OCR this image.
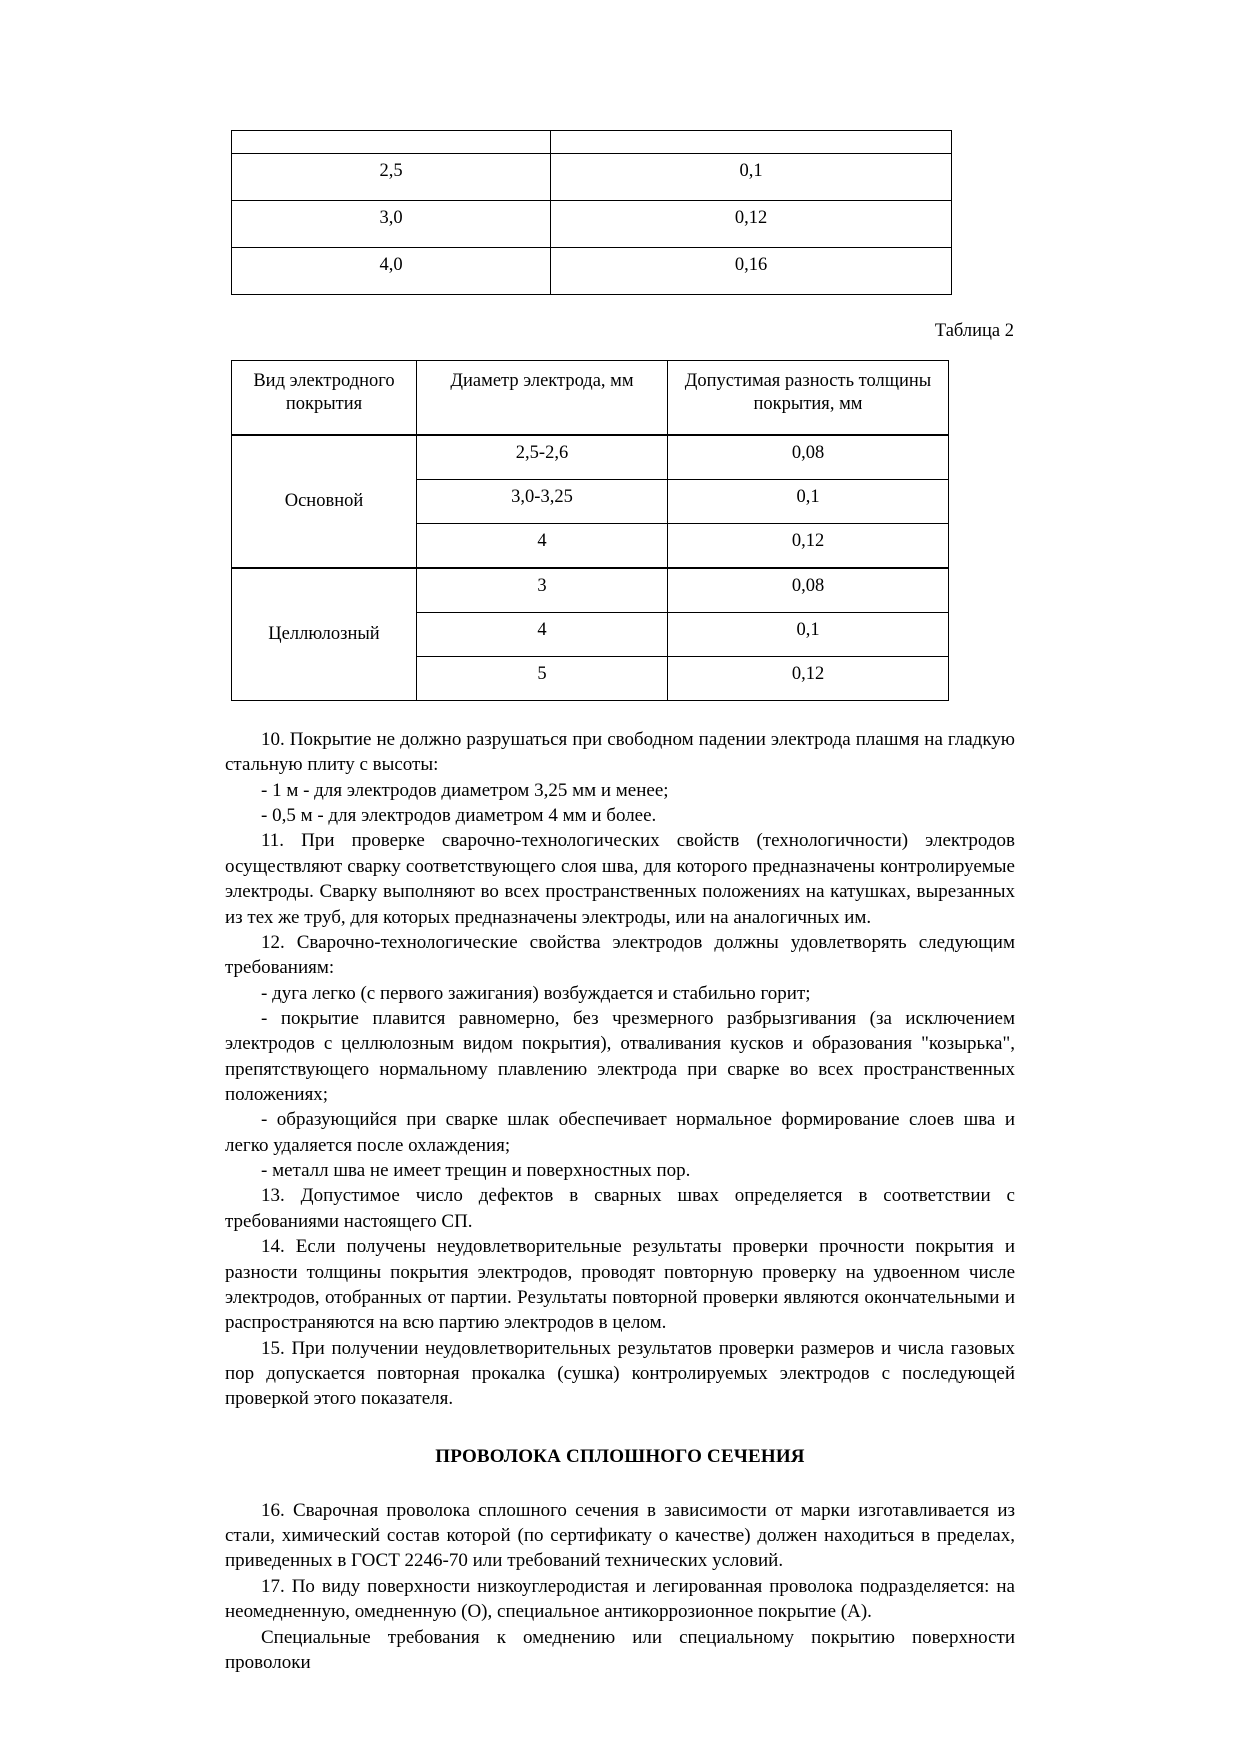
2,5	0,1
3,0	0,12
4,0	0,16
Таблица 2
Вид электродного покрытия	Диаметр электрода, мм	Допустимая разность толщины покрытия, мм
Основной	2,5-2,6	0,08
	3,0-3,25	0,1
	4	0,12
Целлюлозный	3	0,08
	4	0,1
	5	0,12

10. Покрытие не должно разрушаться при свободном падении электрода плашмя на гладкую стальную плиту с высоты:

- 1 м - для электродов диаметром 3,25 мм и менее;

- 0,5 м - для электродов диаметром 4 мм и более.

11. При проверке сварочно-технологических свойств (технологичности) электродов осуществляют сварку соответствующего слоя шва, для которого предназначены контролируемые электроды. Сварку выполняют во всех пространственных положениях на катушках, вырезанных из тех же труб, для которых предназначены электроды, или на аналогичных им.

12. Сварочно-технологические свойства электродов должны удовлетворять следующим требованиям:

- дуга легко (с первого зажигания) возбуждается и стабильно горит;

- покрытие плавится равномерно, без чрезмерного разбрызгивания (за исключением электродов с целлюлозным видом покрытия), отваливания кусков и образования "козырька", препятствующего нормальному плавлению электрода при сварке во всех пространственных положениях;

- образующийся при сварке шлак обеспечивает нормальное формирование слоев шва и легко удаляется после охлаждения;

- металл шва не имеет трещин и поверхностных пор.

13. Допустимое число дефектов в сварных швах определяется в соответствии с требованиями настоящего СП.

14. Если получены неудовлетворительные результаты проверки прочности покрытия и разности толщины покрытия электродов, проводят повторную проверку на удвоенном числе электродов, отобранных от партии. Результаты повторной проверки являются окончательными и распространяются на всю партию электродов в целом.

15. При получении неудовлетворительных результатов проверки размеров и числа газовых пор допускается повторная прокалка (сушка) контролируемых электродов с последующей проверкой этого показателя.

ПРОВОЛОКА СПЛОШНОГО СЕЧЕНИЯ

16. Сварочная проволока сплошного сечения в зависимости от марки изготавливается из стали, химический состав которой (по сертификату о качестве) должен находиться в пределах, приведенных в ГОСТ 2246-70 или требований технических условий.

17. По виду поверхности низкоуглеродистая и легированная проволока подразделяется: на неомедненную, омедненную (О), специальное антикоррозионное покрытие (А).

Специальные требования к омеднению или специальному покрытию поверхности проволоки
